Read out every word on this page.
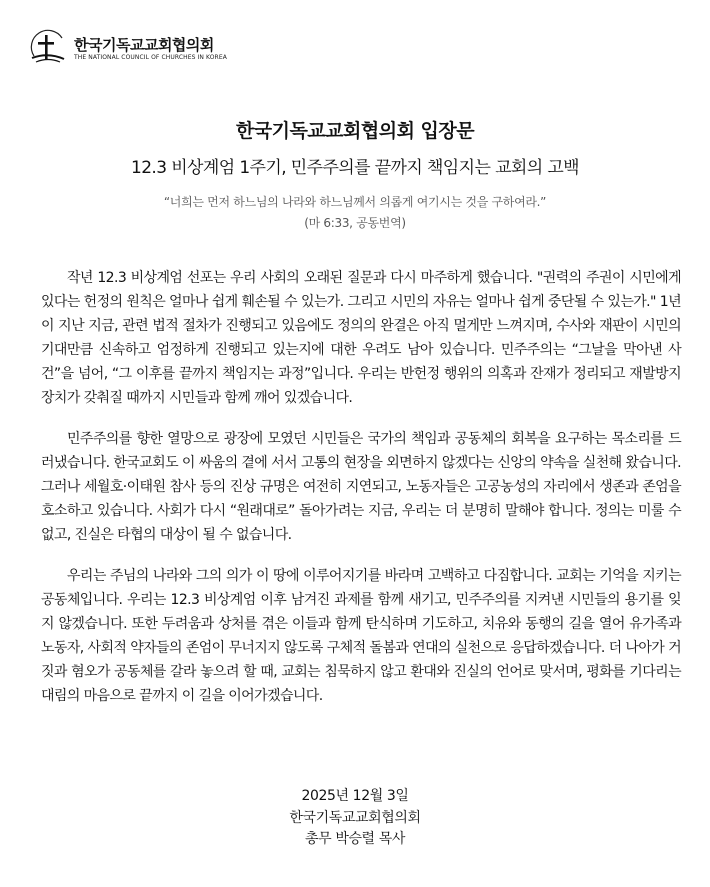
한국기독교교회협의회
THE NATIONAL COUNCIL OF CHURCHES IN KOREA
한국기독교교회협의회 입장문
12.3 비상계엄 1주기, 민주주의를 끝까지 책임지는 교회의 고백
“너희는 먼저 하느님의 나라와 하느님께서 의롭게 여기시는 것을 구하여라.”
(마 6:33, 공동번역)

작년 12.3 비상계엄 선포는 우리 사회의 오래된 질문과 다시 마주하게 했습니다. "권력의 주권이 시민에게 있다는 헌정의 원칙은 얼마나 쉽게 훼손될 수 있는가. 그리고 시민의 자유는 얼마나 쉽게 중단될 수 있는가." 1년이 지난 지금, 관련 법적 절차가 진행되고 있음에도 정의의 완결은 아직 멀게만 느껴지며, 수사와 재판이 시민의 기대만큼 신속하고 엄정하게 진행되고 있는지에 대한 우려도 남아 있습니다. 민주주의는 “그날을 막아낸 사건”을 넘어, “그 이후를 끝까지 책임지는 과정”입니다. 우리는 반헌정 행위의 의혹과 잔재가 정리되고 재발방지 장치가 갖춰질 때까지 시민들과 함께 깨어 있겠습니다.

민주주의를 향한 열망으로 광장에 모였던 시민들은 국가의 책임과 공동체의 회복을 요구하는 목소리를 드러냈습니다. 한국교회도 이 싸움의 곁에 서서 고통의 현장을 외면하지 않겠다는 신앙의 약속을 실천해 왔습니다. 그러나 세월호·이태원 참사 등의 진상 규명은 여전히 지연되고, 노동자들은 고공농성의 자리에서 생존과 존엄을 호소하고 있습니다. 사회가 다시 “원래대로” 돌아가려는 지금, 우리는 더 분명히 말해야 합니다. 정의는 미룰 수 없고, 진실은 타협의 대상이 될 수 없습니다.

우리는 주님의 나라와 그의 의가 이 땅에 이루어지기를 바라며 고백하고 다짐합니다. 교회는 기억을 지키는 공동체입니다. 우리는 12.3 비상계엄 이후 남겨진 과제를 함께 새기고, 민주주의를 지켜낸 시민들의 용기를 잊지 않겠습니다. 또한 두려움과 상처를 겪은 이들과 함께 탄식하며 기도하고, 치유와 동행의 길을 열어 유가족과 노동자, 사회적 약자들의 존엄이 무너지지 않도록 구체적 돌봄과 연대의 실천으로 응답하겠습니다. 더 나아가 거짓과 혐오가 공동체를 갈라 놓으려 할 때, 교회는 침묵하지 않고 환대와 진실의 언어로 맞서며, 평화를 기다리는 대림의 마음으로 끝까지 이 길을 이어가겠습니다.

2025년 12월 3일
한국기독교교회협의회
총무 박승렬 목사
